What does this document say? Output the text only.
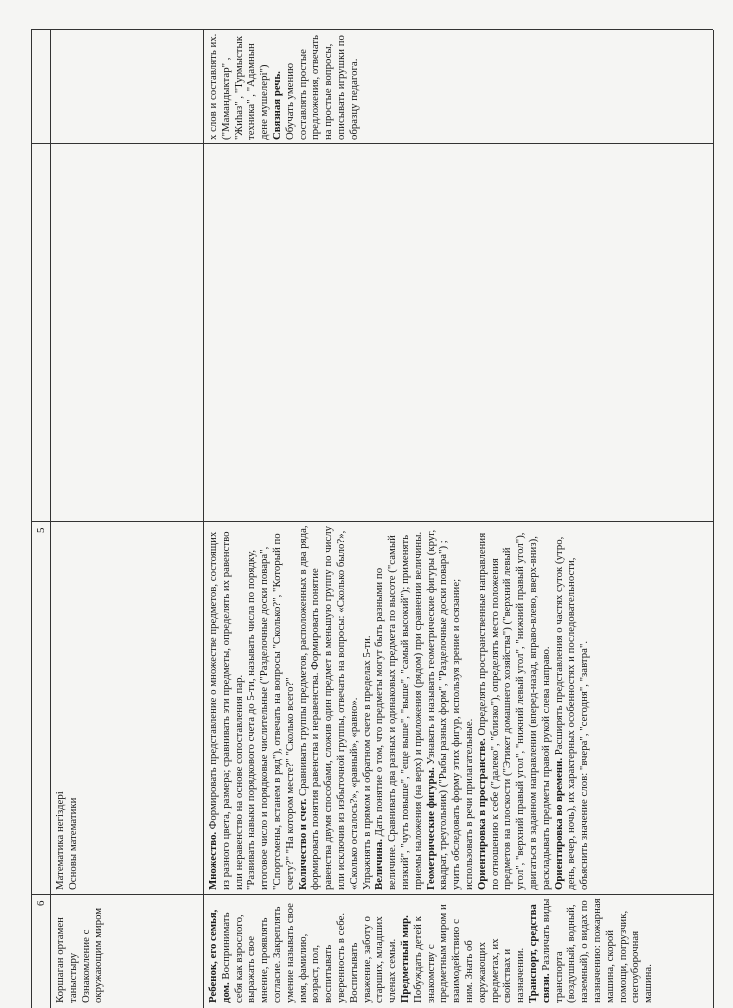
6

Коршаган ортамен таныстыру Ознакомление с окружающим миром	Ребенок, его семья, дом. Воспринимать себя как взрослого, выражать свое мнение, проявлять согласие. Закреплять умение называть свое имя, фамилию, возраст, пол, воспитывать уверенность в себе. Воспитывать уважение, заботу о старших, младших членах семьи. Предметный мир. Побуждать детей к знакомству с предметным миром и взаимодействию с ним. Знать об окружающих предметах, их свойствах и назначении. Транспорт, средства связи. Различать виды транспорта (воздушный, водный, наземный), о видах по назначению: пожарная машина, скорой помощи, погрузчик, снегоуборочная машина.

5

Математика негіздері Основы математики	Множество. Формировать представление о множестве предметов, состоящих из разного цвета, размера; сравнивать эти предметы, определять их равенство или неравенство на основе сопоставления пар. "Развивать навыки порядкового счета до 5-ти, называть числа по порядку, итоговое число и порядковые числительные ("Разделочные доски повара", "Спортсмены, встанем в ряд"), отвечать на вопросы "Сколько?", "Который по счету?" "На котором месте?" "Сколько всего?" Количество и счет. Сравнивать группы предметов, расположенных в два ряда, формировать понятия равенства и неравенства. Формировать понятие равенства двумя способами, сложив один предмет в меньшую группу по числу или исключив из избыточной группы, отвечать на вопросы: «Сколько было?», «Сколько осталось?», «равный», «равно». Упражнять в прямом и обратном счете в пределах 5-ти. Величина. Дать понятие о том, что предметы могут быть разными по величине. Сравнивать два разных и одинаковых предмета по высоте ("самый низкий", "чуть повыше", "еще выше", "выше", "самый высокий"); применять приемы наложения (на верх) и приложения (рядом) при сравнении величины. Геометрические фигуры. Узнавать и называть геометрические фигуры (круг, квадрат, треугольник) ("Рыбы разных форм", "Разделочные доски повара") ; учить обследовать форму этих фигур, используя зрение и осязание; использовать в речи прилагательные. Ориентировка в пространстве. Определять пространственные направления по отношению к себе ("далеко", "близко"), определять место положения предметов на плоскости ("Этикет домашнего хозяйства") ("верхний левый угол", "верхний правый угол", "нижний левый угол", "нижний правый угол"), двигаться в заданном направлении (вперед-назад, вправо-влево, вверх-вниз), раскладывать предметы правой рукой слева направо. Ориентировка во времени. Расширять представления о частях суток (утро, день, вечер, ночь), их характерных особенностях и последовательности, объяснить значение слов: "вчера", "сегодня", "завтра".

х слов и составлять их. ("Мамандыктар" , "Жиhаз" , "Турмыстык техника" , "Адамнын дене мушелері") Связная речь. Обучать умению составлять простые предложения, отвечать на простые вопросы, описывать игрушки по образцу педагога.
